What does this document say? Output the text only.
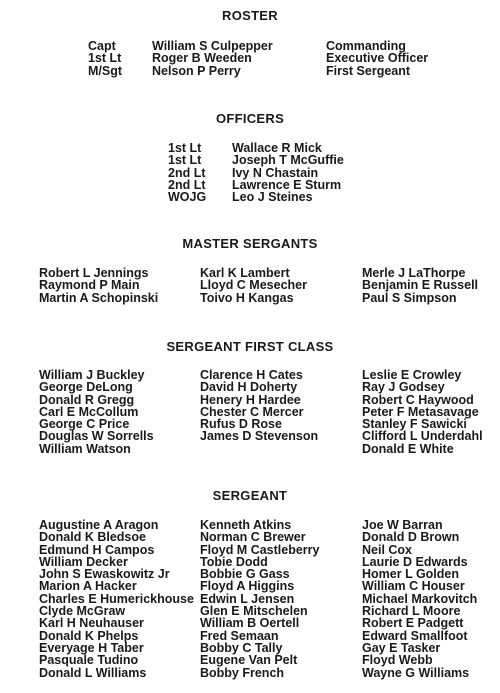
ROSTER
Capt
1st Lt
M/Sgt
William S Culpepper
Roger B Weeden
Nelson P Perry
Commanding
Executive Officer
First Sergeant
OFFICERS
1st Lt
1st Lt
2nd Lt
2nd Lt
WOJG
Wallace R Mick
Joseph T McGuffie
Ivy N Chastain
Lawrence E Sturm
Leo J Steines
MASTER SERGANTS
Robert L Jennings
Raymond P Main
Martin A Schopinski
Karl K Lambert
Lloyd C Mesecher
Toivo H Kangas
Merle J LaThorpe
Benjamin E Russell
Paul S Simpson
SERGEANT FIRST CLASS
William J Buckley
George DeLong
Donald R Gregg
Carl E McCollum
George C Price
Douglas W Sorrells
William Watson
Clarence H Cates
David H Doherty
Henery H Hardee
Chester C Mercer
Rufus D Rose
James D Stevenson
Leslie E Crowley
Ray J Godsey
Robert C Haywood
Peter F Metasavage
Stanley F Sawicki
Clifford L Underdahl
Donald E White
SERGEANT
Augustine A Aragon
Donald K Bledsoe
Edmund H Campos
William Decker
John S Ewaskowitz Jr
Marion A Hacker
Charles E Humerickhouse
Clyde McGraw
Karl H Neuhauser
Donald K Phelps
Everyage H Taber
Pasquale Tudino
Donald L Williams
Kenneth Atkins
Norman C Brewer
Floyd M Castleberry
Tobie Dodd
Bobbie G Gass
Floyd A Higgins
Edwin L Jensen
Glen E Mitschelen
William B Oertell
Fred Semaan
Bobby C Tally
Eugene Van Pelt
Bobby French
Joe W Barran
Donald D Brown
Neil Cox
Laurie D Edwards
Homer L Golden
William C Houser
Michael Markovitch
Richard L Moore
Robert E Padgett
Edward Smallfoot
Gay E Tasker
Floyd Webb
Wayne G Williams
